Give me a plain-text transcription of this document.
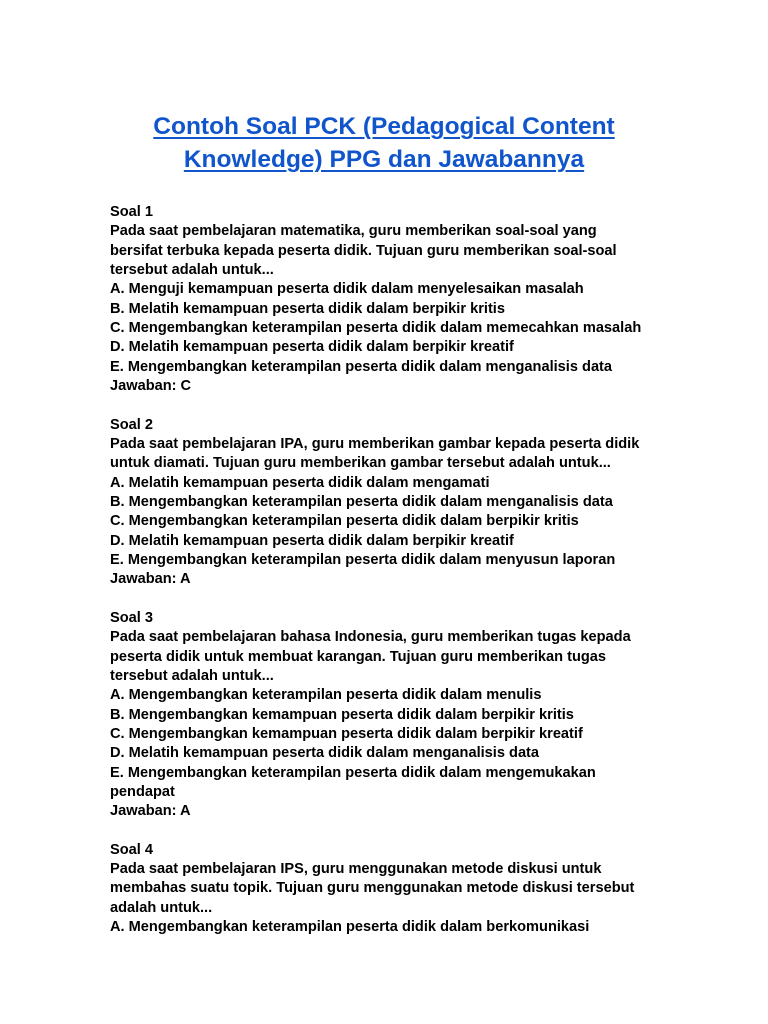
Contoh Soal PCK (Pedagogical Content
Knowledge) PPG dan Jawabannya
Soal 1
Pada saat pembelajaran matematika, guru memberikan soal-soal yang
bersifat terbuka kepada peserta didik. Tujuan guru memberikan soal-soal
tersebut adalah untuk...
A. Menguji kemampuan peserta didik dalam menyelesaikan masalah
B. Melatih kemampuan peserta didik dalam berpikir kritis
C. Mengembangkan keterampilan peserta didik dalam memecahkan masalah
D. Melatih kemampuan peserta didik dalam berpikir kreatif
E. Mengembangkan keterampilan peserta didik dalam menganalisis data
Jawaban: C
Soal 2
Pada saat pembelajaran IPA, guru memberikan gambar kepada peserta didik
untuk diamati. Tujuan guru memberikan gambar tersebut adalah untuk...
A. Melatih kemampuan peserta didik dalam mengamati
B. Mengembangkan keterampilan peserta didik dalam menganalisis data
C. Mengembangkan keterampilan peserta didik dalam berpikir kritis
D. Melatih kemampuan peserta didik dalam berpikir kreatif
E. Mengembangkan keterampilan peserta didik dalam menyusun laporan
Jawaban: A
Soal 3
Pada saat pembelajaran bahasa Indonesia, guru memberikan tugas kepada
peserta didik untuk membuat karangan. Tujuan guru memberikan tugas
tersebut adalah untuk...
A. Mengembangkan keterampilan peserta didik dalam menulis
B. Mengembangkan kemampuan peserta didik dalam berpikir kritis
C. Mengembangkan kemampuan peserta didik dalam berpikir kreatif
D. Melatih kemampuan peserta didik dalam menganalisis data
E. Mengembangkan keterampilan peserta didik dalam mengemukakan
pendapat
Jawaban: A
Soal 4
Pada saat pembelajaran IPS, guru menggunakan metode diskusi untuk
membahas suatu topik. Tujuan guru menggunakan metode diskusi tersebut
adalah untuk...
A. Mengembangkan keterampilan peserta didik dalam berkomunikasi
